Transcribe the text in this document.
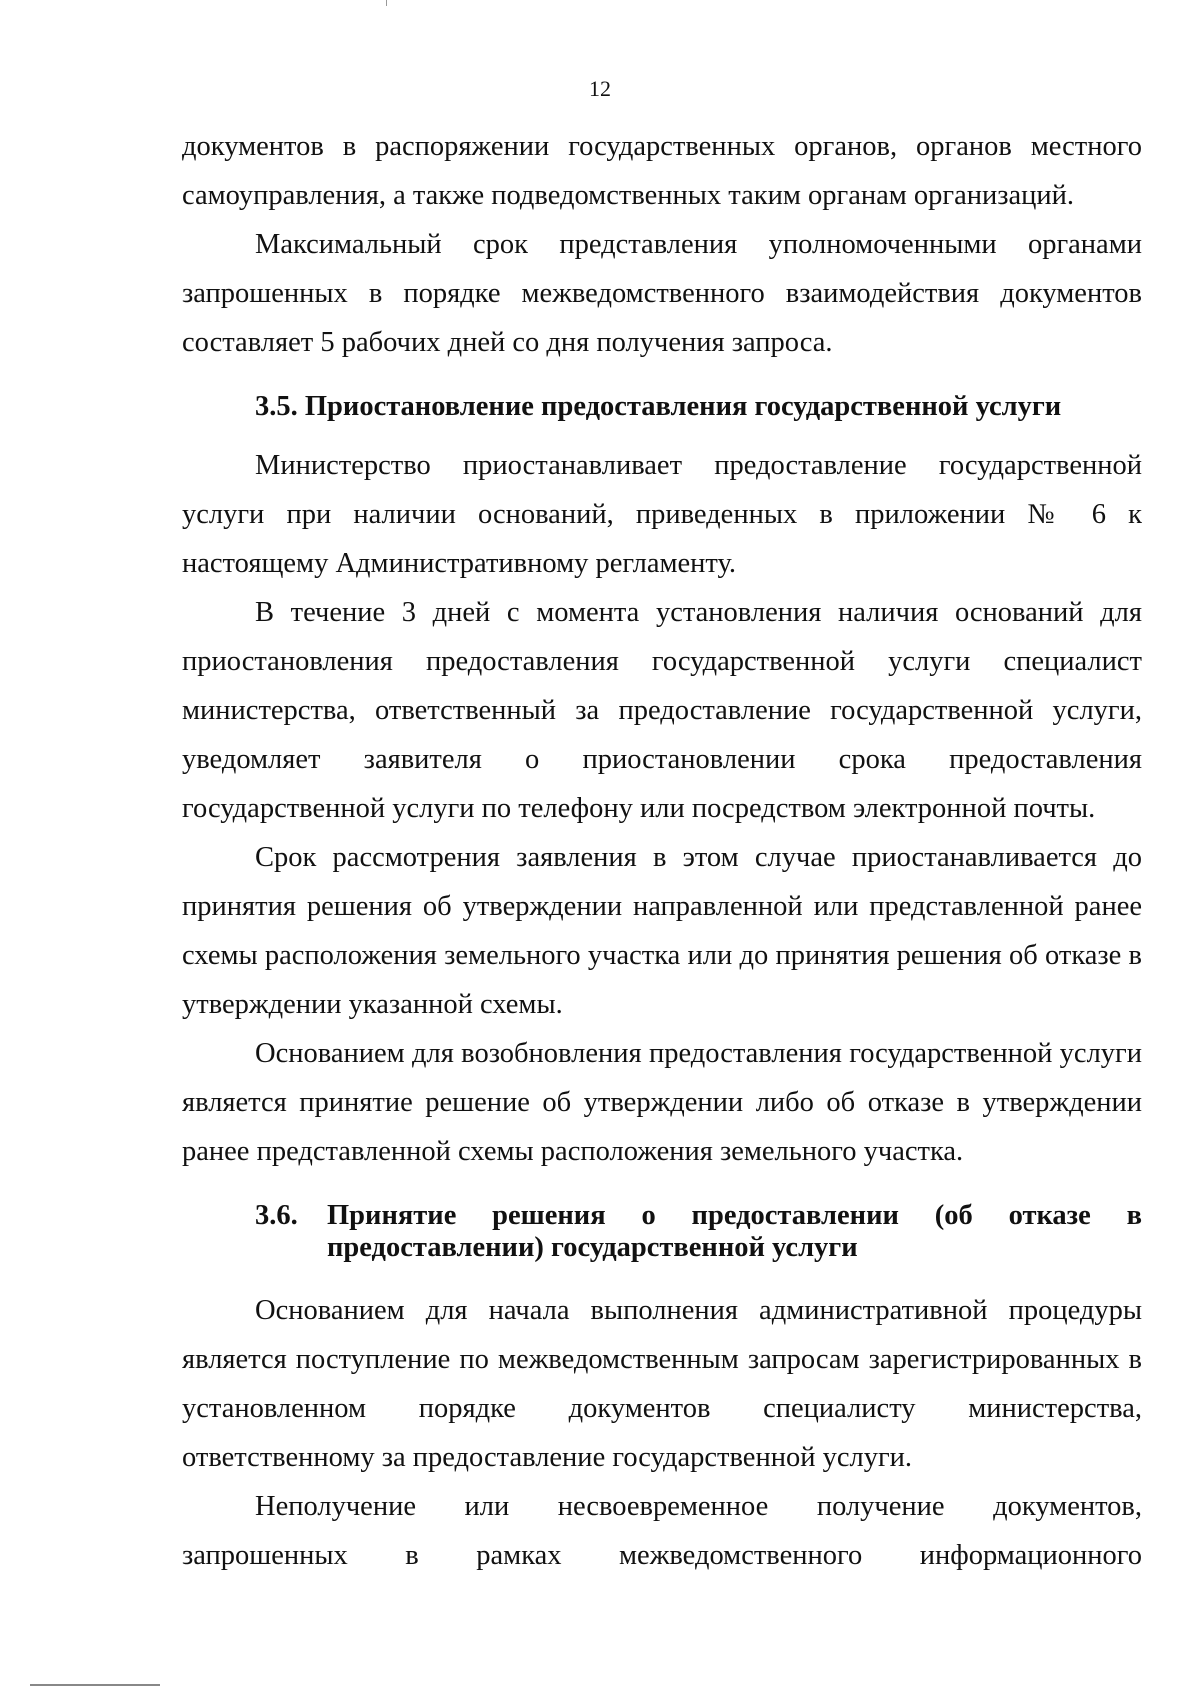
12

документов в распоряжении государственных органов, органов местного самоуправления, а также подведомственных таким органам организаций.

Максимальный срок представления уполномоченными органами запрошенных в порядке межведомственного взаимодействия документов составляет 5 рабочих дней со дня получения запроса.

3.5. Приостановление предоставления государственной услуги

Министерство приостанавливает предоставление государственной услуги при наличии оснований, приведенных в приложении № 6 к настоящему Административному регламенту.

В течение 3 дней с момента установления наличия оснований для приостановления предоставления государственной услуги специалист министерства, ответственный за предоставление государственной услуги, уведомляет заявителя о приостановлении срока предоставления государственной услуги по телефону или посредством электронной почты.

Срок рассмотрения заявления в этом случае приостанавливается до принятия решения об утверждении направленной или представленной ранее схемы расположения земельного участка или до принятия решения об отказе в утверждении указанной схемы.

Основанием для возобновления предоставления государственной услуги является принятие решение об утверждении либо об отказе в утверждении ранее представленной схемы расположения земельного участка.

3.6.	Принятие решения о предоставлении (об отказе в предоставлении) государственной услуги

Основанием для начала выполнения административной процедуры является поступление по межведомственным запросам зарегистрированных в установленном порядке документов специалисту министерства, ответственному за предоставление государственной услуги.

Неполучение или несвоевременное получение документов, запрошенных в рамках межведомственного информационного
